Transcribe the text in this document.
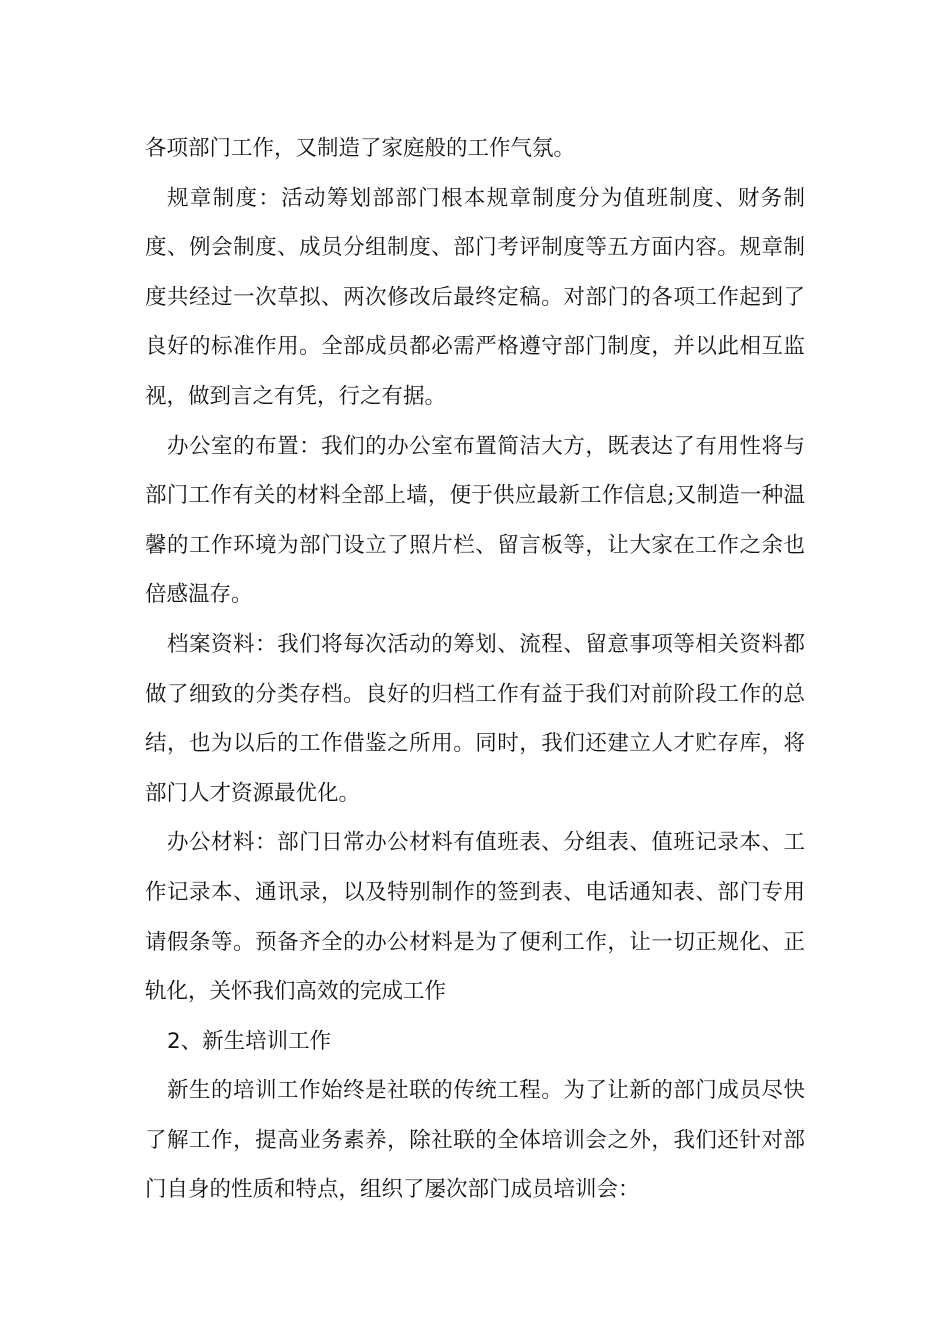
各项部门工作，又制造了家庭般的工作气氛。

规章制度：活动筹划部部门根本规章制度分为值班制度、财务制度、例会制度、成员分组制度、部门考评制度等五方面内容。规章制度共经过一次草拟、两次修改后最终定稿。对部门的各项工作起到了良好的标准作用。全部成员都必需严格遵守部门制度，并以此相互监视，做到言之有凭，行之有据。

办公室的布置：我们的办公室布置简洁大方，既表达了有用性将与部门工作有关的材料全部上墙，便于供应最新工作信息;又制造一种温馨的工作环境为部门设立了照片栏、留言板等，让大家在工作之余也倍感温存。

档案资料：我们将每次活动的筹划、流程、留意事项等相关资料都做了细致的分类存档。良好的归档工作有益于我们对前阶段工作的总结，也为以后的工作借鉴之所用。同时，我们还建立人才贮存库，将部门人才资源最优化。

办公材料：部门日常办公材料有值班表、分组表、值班记录本、工作记录本、通讯录，以及特别制作的签到表、电话通知表、部门专用请假条等。预备齐全的办公材料是为了便利工作，让一切正规化、正轨化，关怀我们高效的完成工作

2、新生培训工作

新生的培训工作始终是社联的传统工程。为了让新的部门成员尽快了解工作，提高业务素养，除社联的全体培训会之外，我们还针对部门自身的性质和特点，组织了屡次部门成员培训会：
